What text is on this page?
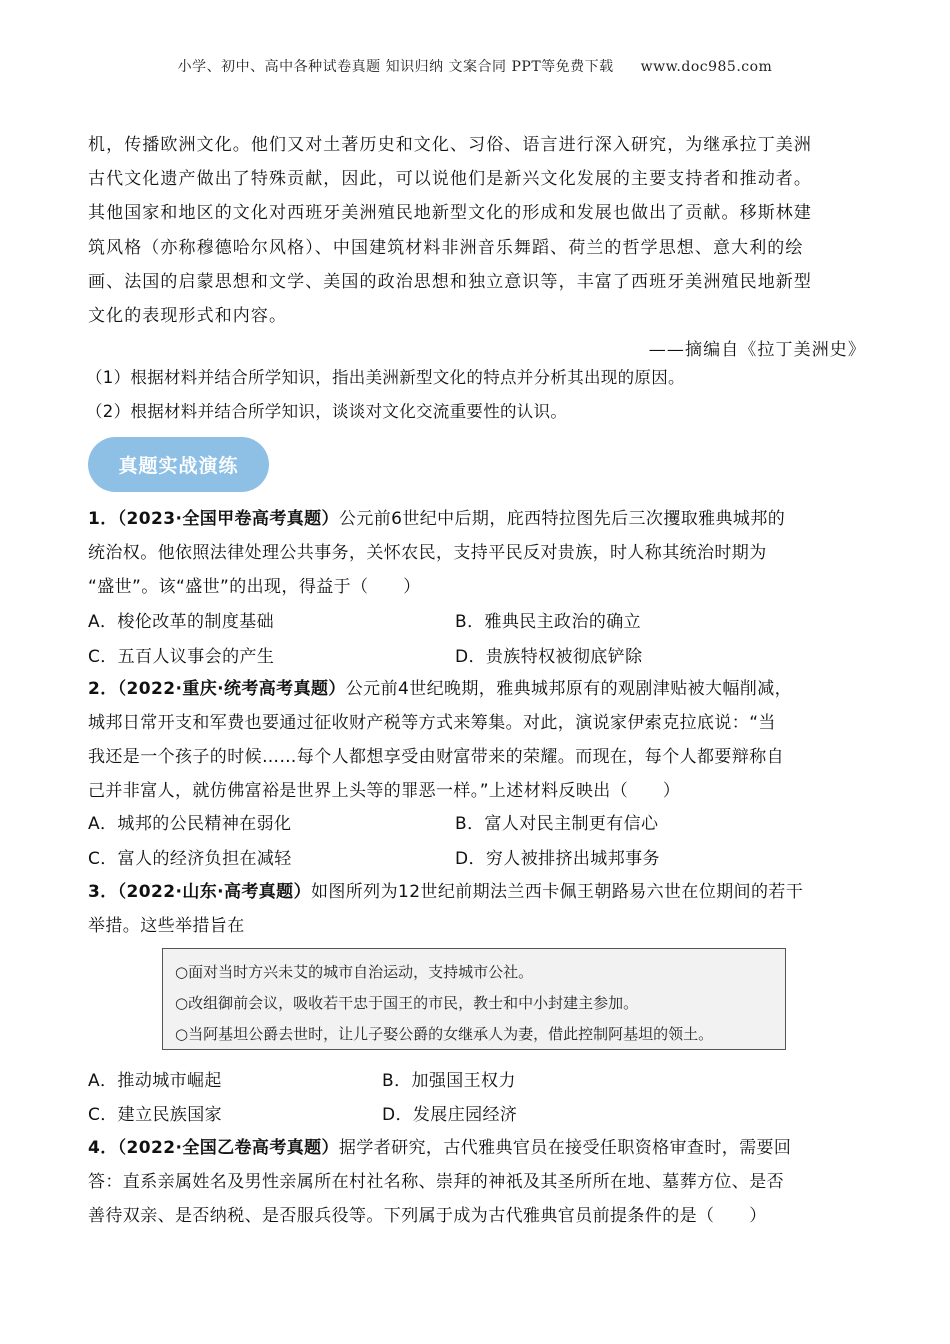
小学、初中、高中各种试卷真题 知识归纳 文案合同 PPT等免费下载 www.doc985.com

机，传播欧洲文化。他们又对土著历史和文化、习俗、语言进行深入研究，为继承拉丁美洲

古代文化遗产做出了特殊贡献，因此，可以说他们是新兴文化发展的主要支持者和推动者。

其他国家和地区的文化对西班牙美洲殖民地新型文化的形成和发展也做出了贡献。移斯林建

筑风格（亦称穆德哈尔风格）、中国建筑材料非洲音乐舞蹈、荷兰的哲学思想、意大利的绘

画、法国的启蒙思想和文学、美国的政治思想和独立意识等，丰富了西班牙美洲殖民地新型

文化的表现形式和内容。

——摘编自《拉丁美洲史》

（1）根据材料并结合所学知识，指出美洲新型文化的特点并分析其出现的原因。
（2）根据材料并结合所学知识，谈谈对文化交流重要性的认识。
真题实战演练
1．（2023·全国甲卷高考真题）公元前6世纪中后期，庇西特拉图先后三次攫取雅典城邦的
统治权。他依照法律处理公共事务，关怀农民，支持平民反对贵族，时人称其统治时期为
“盛世”。该“盛世”的出现，得益于（　　）
A．梭伦改革的制度基础	B．雅典民主政治的确立
C．五百人议事会的产生	D．贵族特权被彻底铲除
2．（2022·重庆·统考高考真题）公元前4世纪晚期，雅典城邦原有的观剧津贴被大幅削减，
城邦日常开支和军费也要通过征收财产税等方式来筹集。对此，演说家伊索克拉底说：“当
我还是一个孩子的时候……每个人都想享受由财富带来的荣耀。而现在，每个人都要辩称自
己并非富人，就仿佛富裕是世界上头等的罪恶一样。”上述材料反映出（　　）
A．城邦的公民精神在弱化	B．富人对民主制更有信心
C．富人的经济负担在减轻	D．穷人被排挤出城邦事务
3．（2022·山东·高考真题）如图所列为12世纪前期法兰西卡佩王朝路易六世在位期间的若干
举措。这些举措旨在
○面对当时方兴未艾的城市自治运动，支持城市公社。
○改组御前会议，吸收若干忠于国王的市民，教士和中小封建主参加。
○当阿基坦公爵去世时，让儿子娶公爵的女继承人为妻，借此控制阿基坦的领土。
A．推动城市崛起	B．加强国王权力
C．建立民族国家	D．发展庄园经济
4．（2022·全国乙卷高考真题）据学者研究，古代雅典官员在接受任职资格审查时，需要回
答：直系亲属姓名及男性亲属所在村社名称、崇拜的神祇及其圣所所在地、墓葬方位、是否
善待双亲、是否纳税、是否服兵役等。下列属于成为古代雅典官员前提条件的是（　　）
